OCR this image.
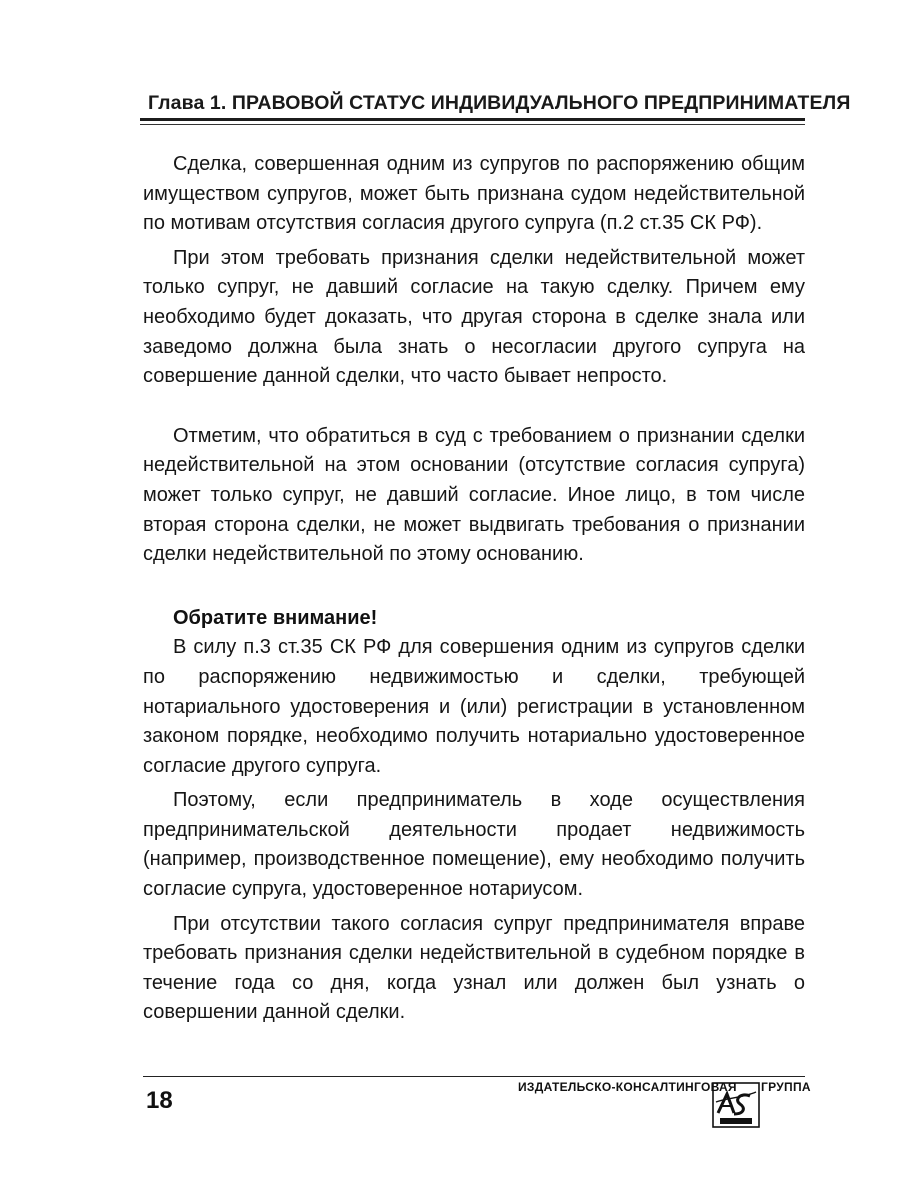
Глава 1. ПРАВОВОЙ СТАТУС ИНДИВИДУАЛЬНОГО ПРЕДПРИНИМАТЕЛЯ

Сделка, совершенная одним из супругов по распоряжению общим имуществом супругов, может быть признана судом недействительной по мотивам отсутствия согласия другого супруга (п.2 ст.35 СК РФ).

При этом требовать признания сделки недействительной может только супруг, не давший согласие на такую сделку. Причем ему необходимо будет доказать, что другая сторона в сделке знала или заведомо должна была знать о несогласии другого супруга на совершение данной сделки, что часто бывает непросто.

Отметим, что обратиться в суд с требованием о признании сделки недействительной на этом основании (отсутствие согласия супруга) может только супруг, не давший согласие. Иное лицо, в том числе вторая сторона сделки, не может выдвигать требования о признании сделки недействительной по этому основанию.

Обратите внимание!

В силу п.3 ст.35 СК РФ для совершения одним из супругов сделки по распоряжению недвижимостью и сделки, требующей нотариального удостоверения и (или) регистрации в установленном законом порядке, необходимо получить нотариально удостоверенное согласие другого супруга.

Поэтому, если предприниматель в ходе осуществления предпринимательской деятельности продает недвижимость (например, производственное помещение), ему необходимо получить согласие супруга, удостоверенное нотариусом.

При отсутствии такого согласия супруг предпринимателя вправе требовать признания сделки недействительной в судебном порядке в течение года со дня, когда узнал или должен был узнать о совершении данной сделки.

18	ИЗДАТЕЛЬСКО-КОНСАЛТИНГОВАЯ ГРУППА
